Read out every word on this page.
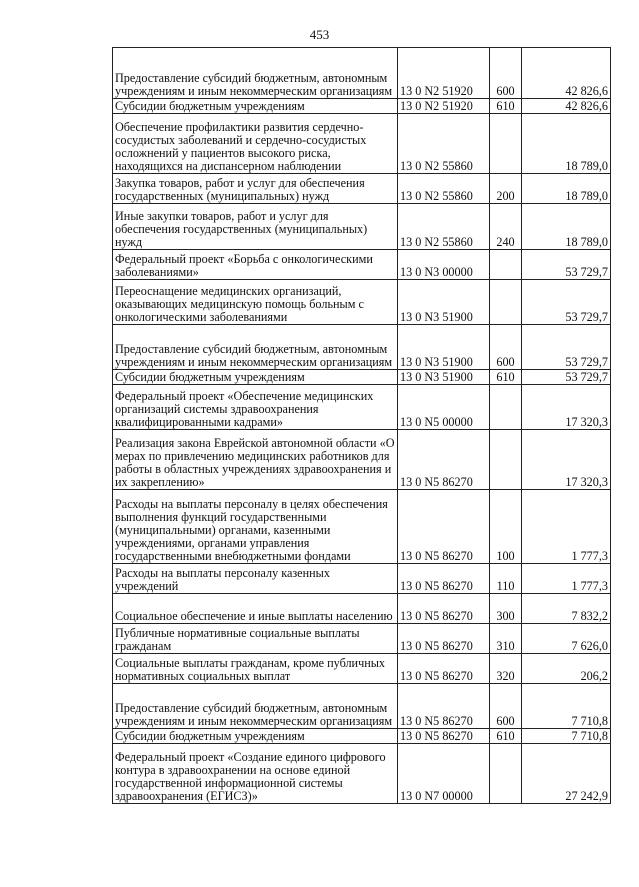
453
Предоставление субсидий бюджетным, автономным учреждениям и иным некоммерческим организациям	13 0 N2 51920	600	42 826,6
Субсидии бюджетным учреждениям	13 0 N2 51920	610	42 826,6
Обеспечение профилактики развития сердечно-сосудистых заболеваний и сердечно-сосудистых осложнений у пациентов высокого риска, находящихся на диспансерном наблюдении	13 0 N2 55860		18 789,0
Закупка товаров, работ и услуг для обеспечения государственных (муниципальных) нужд	13 0 N2 55860	200	18 789,0
Иные закупки товаров, работ и услуг для обеспечения государственных (муниципальных) нужд	13 0 N2 55860	240	18 789,0
Федеральный проект «Борьба с онкологическими заболеваниями»	13 0 N3 00000		53 729,7
Переоснащение медицинских организаций, оказывающих медицинскую помощь больным с онкологическими заболеваниями	13 0 N3 51900		53 729,7
Предоставление субсидий бюджетным, автономным учреждениям и иным некоммерческим организациям	13 0 N3 51900	600	53 729,7
Субсидии бюджетным учреждениям	13 0 N3 51900	610	53 729,7
Федеральный проект «Обеспечение медицинских организаций системы здравоохранения квалифицированными кадрами»	13 0 N5 00000		17 320,3
Реализация закона Еврейской автономной области «О мерах по привлечению медицинских работников для работы в областных учреждениях здравоохранения и их закреплению»	13 0 N5 86270		17 320,3
Расходы на выплаты персоналу в целях обеспечения выполнения функций государственными (муниципальными) органами, казенными учреждениями, органами управления государственными внебюджетными фондами	13 0 N5 86270	100	1 777,3
Расходы на выплаты персоналу казенных учреждений	13 0 N5 86270	110	1 777,3
Социальное обеспечение и иные выплаты населению	13 0 N5 86270	300	7 832,2
Публичные нормативные социальные выплаты гражданам	13 0 N5 86270	310	7 626,0
Социальные выплаты гражданам, кроме публичных нормативных социальных выплат	13 0 N5 86270	320	206,2
Предоставление субсидий бюджетным, автономным учреждениям и иным некоммерческим организациям	13 0 N5 86270	600	7 710,8
Субсидии бюджетным учреждениям	13 0 N5 86270	610	7 710,8
Федеральный проект «Создание единого цифрового контура в здравоохранении на основе единой государственной информационной системы здравоохранения (ЕГИСЗ)»	13 0 N7 00000		27 242,9
